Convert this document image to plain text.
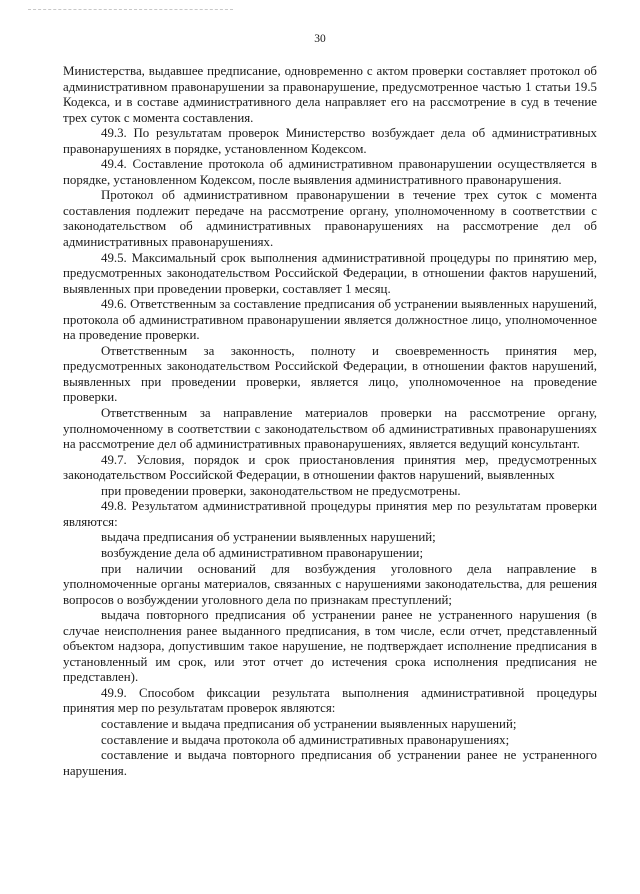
30

Министерства, выдавшее предписание, одновременно с актом проверки составляет протокол об административном правонарушении за правонарушение, предусмотренное частью 1 статьи 19.5 Кодекса, и в составе административного дела направляет его на рассмотрение в суд в течение трех суток с момента составления.

49.3. По результатам проверок Министерство возбуждает дела об административных правонарушениях в порядке, установленном Кодексом.

49.4. Составление протокола об административном правонарушении осуществляется в порядке, установленном Кодексом, после выявления административного правонарушения.

Протокол об административном правонарушении в течение трех суток с момента составления подлежит передаче на рассмотрение органу, уполномоченному в соответствии с законодательством об административных правонарушениях на рассмотрение дел об административных правонарушениях.

49.5. Максимальный срок выполнения административной процедуры по принятию мер, предусмотренных законодательством Российской Федерации, в отношении фактов нарушений, выявленных при проведении проверки, составляет 1 месяц.

49.6. Ответственным за составление предписания об устранении выявленных нарушений, протокола об административном правонарушении является должностное лицо, уполномоченное на проведение проверки.

Ответственным за законность, полноту и своевременность принятия мер, предусмотренных законодательством Российской Федерации, в отношении фактов нарушений, выявленных при проведении проверки, является лицо, уполномоченное на проведение проверки.

Ответственным за направление материалов проверки на рассмотрение органу, уполномоченному в соответствии с законодательством об административных правонарушениях на рассмотрение дел об административных правонарушениях, является ведущий консультант.

49.7. Условия, порядок и срок приостановления принятия мер, предусмотренных законодательством Российской Федерации, в отношении фактов нарушений, выявленных

при проведении проверки, законодательством не предусмотрены.

49.8. Результатом административной процедуры принятия мер по результатам проверки являются:

выдача предписания об устранении выявленных нарушений;

возбуждение дела об административном правонарушении;

при наличии оснований для возбуждения уголовного дела направление в уполномоченные органы материалов, связанных с нарушениями законодательства, для решения вопросов о возбуждении уголовного дела по признакам преступлений;

выдача повторного предписания об устранении ранее не устраненного нарушения (в случае неисполнения ранее выданного предписания, в том числе, если отчет, представленный объектом надзора, допустившим такое нарушение, не подтверждает исполнение предписания в установленный им срок, или этот отчет до истечения срока исполнения предписания не представлен).

49.9. Способом фиксации результата выполнения административной процедуры принятия мер по результатам проверок являются:

составление и выдача предписания об устранении выявленных нарушений;

составление и выдача протокола об административных правонарушениях;

составление и выдача повторного предписания об устранении ранее не устраненного нарушения.
